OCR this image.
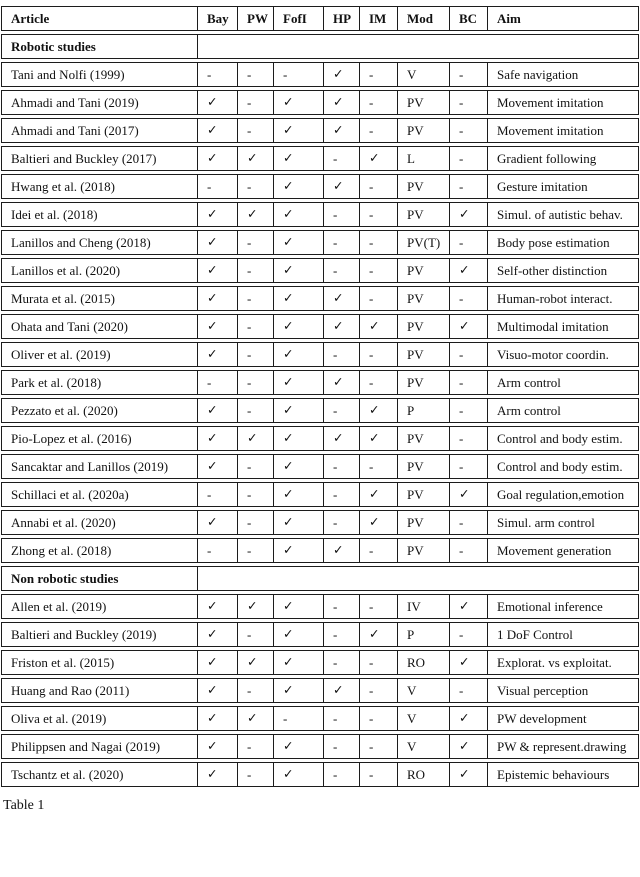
Article	Bay	PW	FofI	HP	IM	Mod	BC	Aim
Robotic studies								
Tani and Nolfi (1999)	-	-	-	✓	-	V	-	Safe navigation
Ahmadi and Tani (2019)	✓	-	✓	✓	-	PV	-	Movement imitation
Ahmadi and Tani (2017)	✓	-	✓	✓	-	PV	-	Movement imitation
Baltieri and Buckley (2017)	✓	✓	✓	-	✓	L	-	Gradient following
Hwang et al. (2018)	-	-	✓	✓	-	PV	-	Gesture imitation
Idei et al. (2018)	✓	✓	✓	-	-	PV	✓	Simul. of autistic behav.
Lanillos and Cheng (2018)	✓	-	✓	-	-	PV(T)	-	Body pose estimation
Lanillos et al. (2020)	✓	-	✓	-	-	PV	✓	Self-other distinction
Murata et al. (2015)	✓	-	✓	✓	-	PV	-	Human-robot interact.
Ohata and Tani (2020)	✓	-	✓	✓	✓	PV	✓	Multimodal imitation
Oliver et al. (2019)	✓	-	✓	-	-	PV	-	Visuo-motor coordin.
Park et al. (2018)	-	-	✓	✓	-	PV	-	Arm control
Pezzato et al. (2020)	✓	-	✓	-	✓	P	-	Arm control
Pio-Lopez et al. (2016)	✓	✓	✓	✓	✓	PV	-	Control and body estim.
Sancaktar and Lanillos (2019)	✓	-	✓	-	-	PV	-	Control and body estim.
Schillaci et al. (2020a)	-	-	✓	-	✓	PV	✓	Goal regulation,emotion
Annabi et al. (2020)	✓	-	✓	-	✓	PV	-	Simul. arm control
Zhong et al. (2018)	-	-	✓	✓	-	PV	-	Movement generation
Non robotic studies								
Allen et al. (2019)	✓	✓	✓	-	-	IV	✓	Emotional inference
Baltieri and Buckley (2019)	✓	-	✓	-	✓	P	-	1 DoF Control
Friston et al. (2015)	✓	✓	✓	-	-	RO	✓	Explorat. vs exploitat.
Huang and Rao (2011)	✓	-	✓	✓	-	V	-	Visual perception
Oliva et al. (2019)	✓	✓	-	-	-	V	✓	PW development
Philippsen and Nagai (2019)	✓	-	✓	-	-	V	✓	PW & represent.drawing
Tschantz et al. (2020)	✓	-	✓	-	-	RO	✓	Epistemic behaviours
Table 1
